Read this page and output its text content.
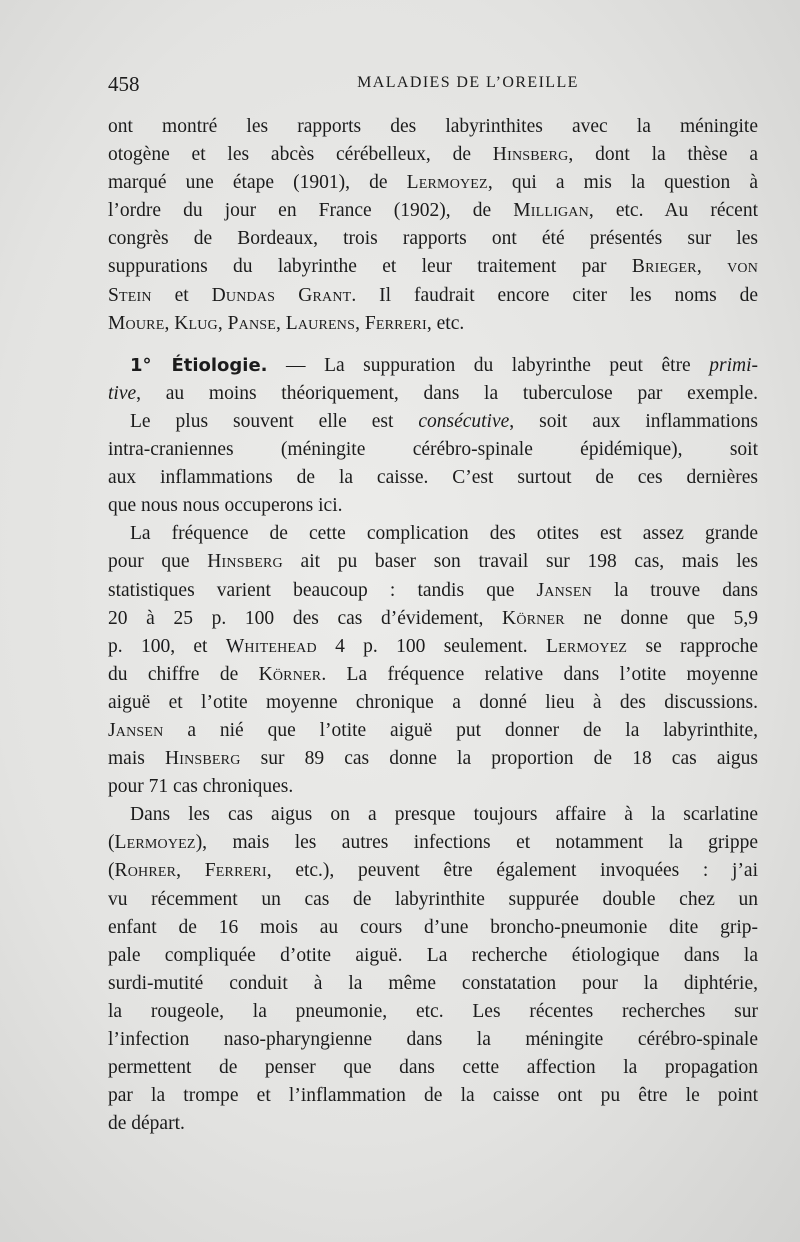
458	MALADIES DE L’OREILLE
ont montré les rapports des labyrinthites avec la méningite
otogène et les abcès cérébelleux, de Hinsberg, dont la thèse a
marqué une étape (1901), de Lermoyez, qui a mis la question à
l’ordre du jour en France (1902), de Milligan, etc. Au récent
congrès de Bordeaux, trois rapports ont été présentés sur les
suppurations du labyrinthe et leur traitement par Brieger, von
Stein et Dundas Grant. Il faudrait encore citer les noms de
Moure, Klug, Panse, Laurens, Ferreri, etc.
1° Étiologie. — La suppuration du labyrinthe peut être primi-
tive, au moins théoriquement, dans la tuberculose par exemple.
Le plus souvent elle est consécutive, soit aux inflammations
intra-craniennes (méningite cérébro-spinale épidémique), soit
aux inflammations de la caisse. C’est surtout de ces dernières
que nous nous occuperons ici.
La fréquence de cette complication des otites est assez grande
pour que Hinsberg ait pu baser son travail sur 198 cas, mais les
statistiques varient beaucoup : tandis que Jansen la trouve dans
20 à 25 p. 100 des cas d’évidement, Körner ne donne que 5,9
p. 100, et Whitehead 4 p. 100 seulement. Lermoyez se rapproche
du chiffre de Körner. La fréquence relative dans l’otite moyenne
aiguë et l’otite moyenne chronique a donné lieu à des discussions.
Jansen a nié que l’otite aiguë put donner de la labyrinthite,
mais Hinsberg sur 89 cas donne la proportion de 18 cas aigus
pour 71 cas chroniques.
Dans les cas aigus on a presque toujours affaire à la scarlatine
(Lermoyez), mais les autres infections et notamment la grippe
(Rohrer, Ferreri, etc.), peuvent être également invoquées : j’ai
vu récemment un cas de labyrinthite suppurée double chez un
enfant de 16 mois au cours d’une broncho-pneumonie dite grip-
pale compliquée d’otite aiguë. La recherche étiologique dans la
surdi-mutité conduit à la même constatation pour la diphtérie,
la rougeole, la pneumonie, etc. Les récentes recherches sur
l’infection naso-pharyngienne dans la méningite cérébro-spinale
permettent de penser que dans cette affection la propagation
par la trompe et l’inflammation de la caisse ont pu être le point
de départ.
